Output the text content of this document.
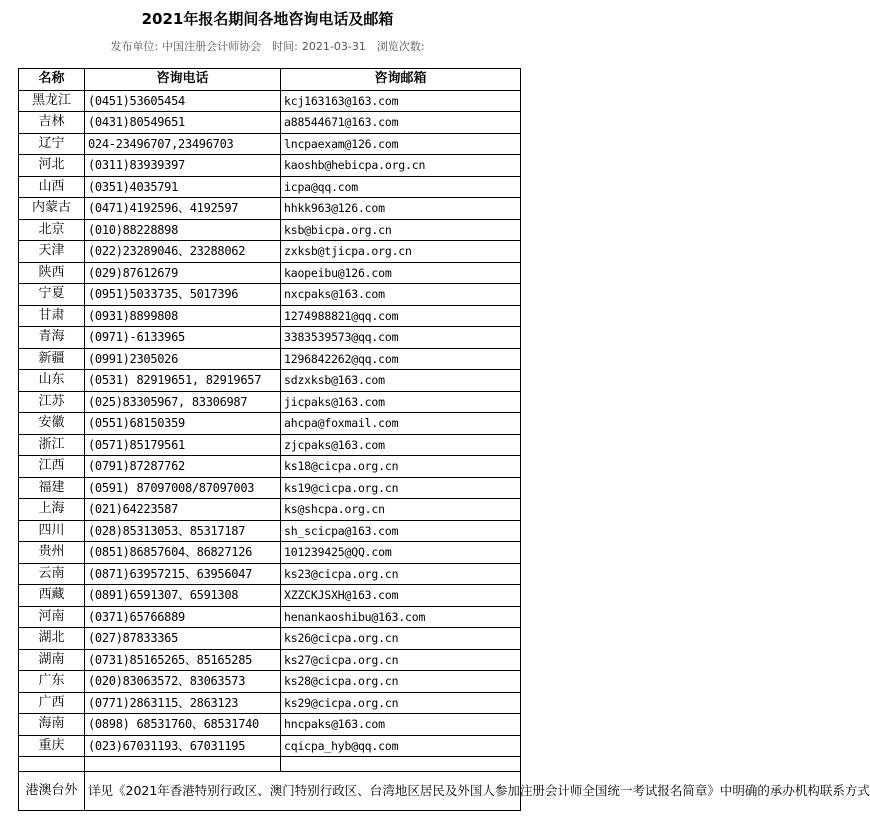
2021年报名期间各地咨询电话及邮箱
发布单位: 中国注册会计师协会 时间: 2021-03-31 浏览次数:
名称	咨询电话	咨询邮箱
黑龙江	(0451)53605454	kcj163163@163.com
吉林	(0431)80549651	a88544671@163.com
辽宁	024-23496707,23496703	lncpaexam@126.com
河北	(0311)83939397	kaoshb@hebicpa.org.cn
山西	(0351)4035791	icpa@qq.com
内蒙古	(0471)4192596、4192597	hhkk963@126.com
北京	(010)88228898	ksb@bicpa.org.cn
天津	(022)23289046、23288062	zxksb@tjicpa.org.cn
陕西	(029)87612679	kaopeibu@126.com
宁夏	(0951)5033735、5017396	nxcpaks@163.com
甘肃	(0931)8899808	1274988821@qq.com
青海	(0971)-6133965	3383539573@qq.com
新疆	(0991)2305026	1296842262@qq.com
山东	(0531) 82919651, 82919657	sdzxksb@163.com
江苏	(025)83305967, 83306987	jicpaks@163.com
安徽	(0551)68150359	ahcpa@foxmail.com
浙江	(0571)85179561	zjcpaks@163.com
江西	(0791)87287762	ks18@cicpa.org.cn
福建	(0591) 87097008/87097003	ks19@cicpa.org.cn
上海	(021)64223587	ks@shcpa.org.cn
四川	(028)85313053、85317187	sh_scicpa@163.com
贵州	(0851)86857604、86827126	101239425@QQ.com
云南	(0871)63957215、63956047	ks23@cicpa.org.cn
西藏	(0891)6591307、6591308	XZZCKJSXH@163.com
河南	(0371)65766889	henankaoshibu@163.com
湖北	(027)87833365	ks26@cicpa.org.cn
湖南	(0731)85165265、85165285	ks27@cicpa.org.cn
广东	(020)83063572、83063573	ks28@cicpa.org.cn
广西	(0771)2863115、2863123	ks29@cicpa.org.cn
海南	(0898) 68531760、68531740	hncpaks@163.com
重庆	(023)67031193、67031195	cqicpa_hyb@qq.com

港澳台外	详见《2021年香港特别行政区、澳门特别行政区、台湾地区居民及外国人参加注册会计师全国统一考试报名简章》中明确的承办机构联系方式	
